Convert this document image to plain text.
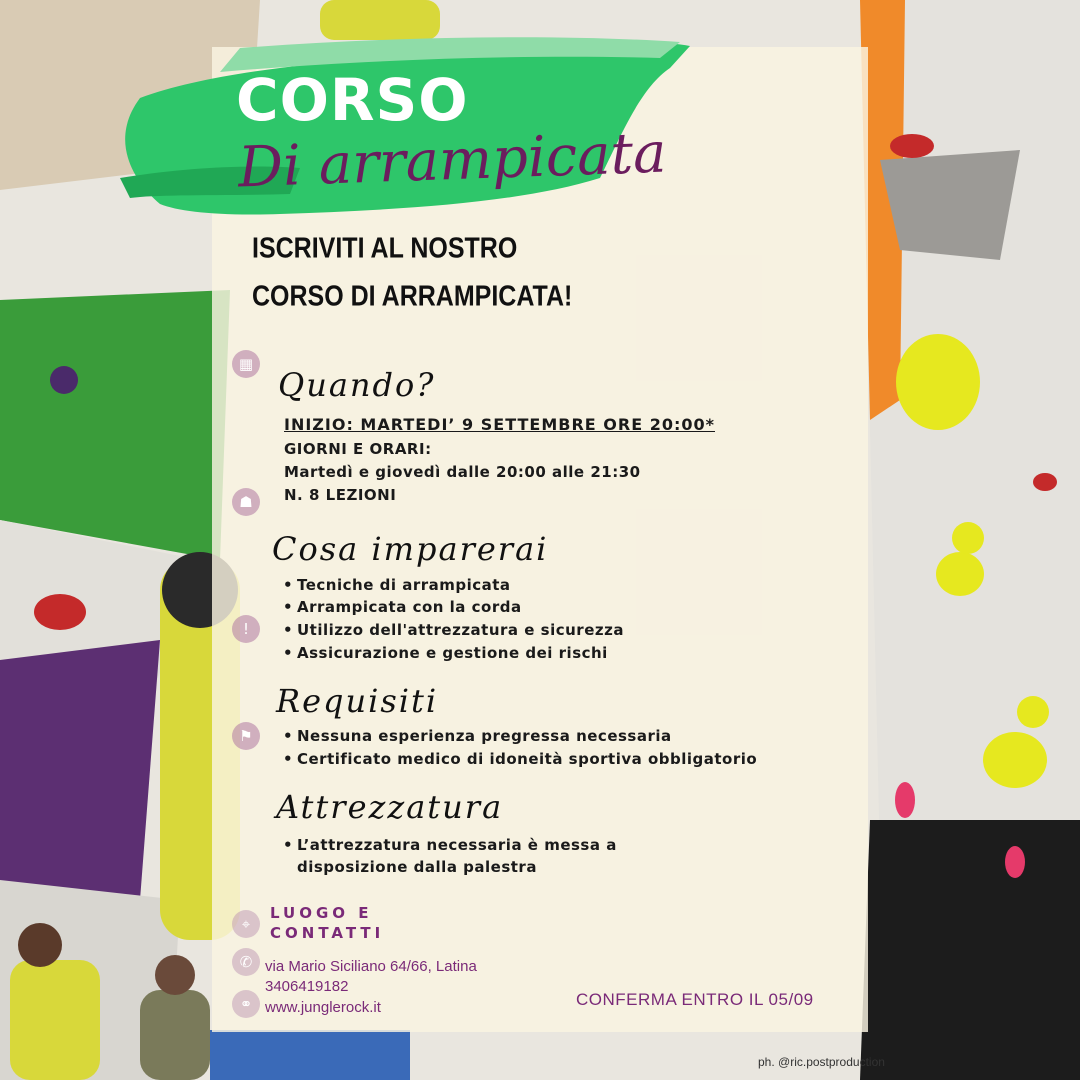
CORSO
Di arrampicata
ISCRIVITI AL NOSTRO
CORSO DI ARRAMPICATA!
▦
☗
!
⚑
Quando?
INIZIO: MARTEDI’ 9 SETTEMBRE ORE 20:00*
GIORNI E ORARI:
Martedì e giovedì dalle 20:00 alle 21:30
N. 8 LEZIONI
Cosa imparerai
• Tecniche di arrampicata
• Arrampicata con la corda
• Utilizzo dell'attrezzatura e sicurezza
• Assicurazione e gestione dei rischi
Requisiti
• Nessuna esperienza pregressa necessaria
• Certificato medico di idoneità sportiva obbligatorio
Attrezzatura
• L’attrezzatura necessaria è messa a
disposizione dalla palestra
⌖
✆
⚭
LUOGO E
CONTATTI
via Mario Siciliano 64/66, Latina
3406419182
www.junglerock.it	CONFERMA ENTRO IL 05/09
ph. @ric.postproduction
